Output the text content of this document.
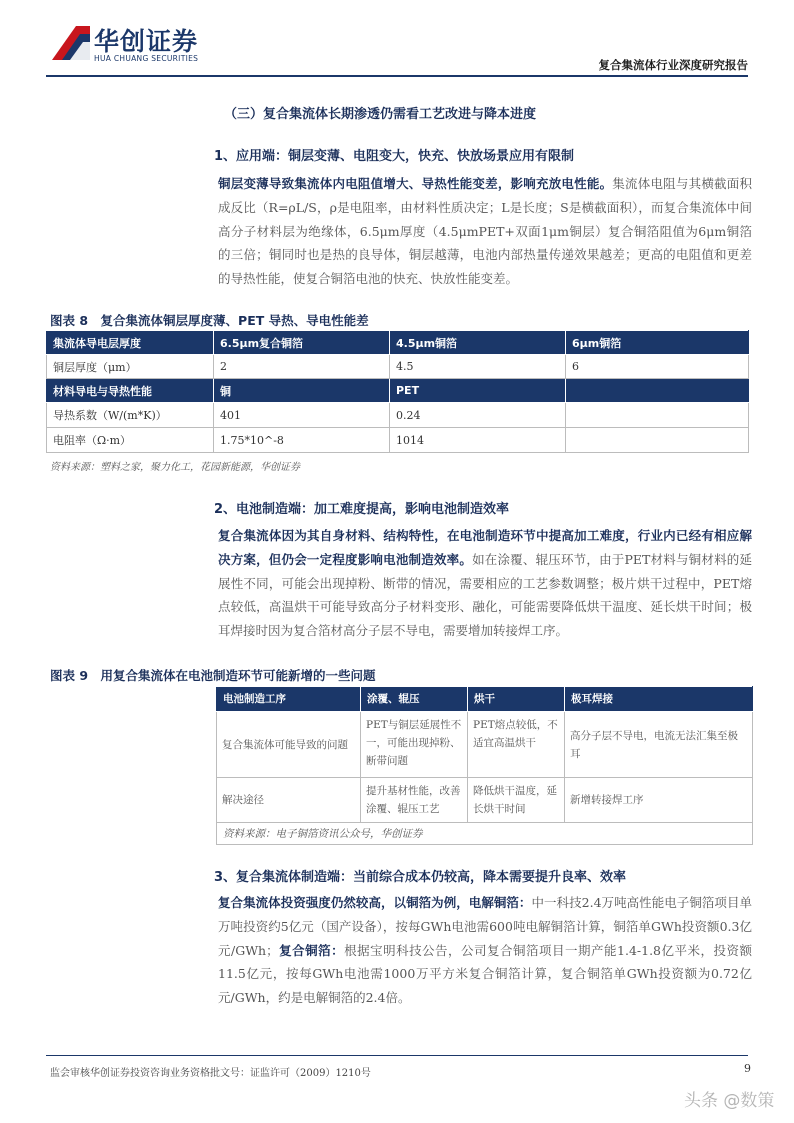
华创证券
HUA CHUANG SECURITIES	复合集流体行业深度研究报告
（三）复合集流体长期渗透仍需看工艺改进与降本进度
1、应用端：铜层变薄、电阻变大，快充、快放场景应用有限制
铜层变薄导致集流体内电阻值增大、导热性能变差，影响充放电性能。集流体电阻与其横截面积成反比（R=ρL/S，ρ是电阻率，由材料性质决定；L是长度；S是横截面积），而复合集流体中间高分子材料层为绝缘体，6.5μm厚度（4.5μmPET+双面1μm铜层）复合铜箔阻值为6μm铜箔的三倍；铜同时也是热的良导体，铜层越薄，电池内部热量传递效果越差；更高的电阻值和更差的导热性能，使复合铜箔电池的快充、快放性能变差。
图表 8　复合集流体铜层厚度薄、PET 导热、导电性能差
集流体导电层厚度	6.5μm复合铜箔	4.5μm铜箔	6μm铜箔
铜层厚度（μm）	2	4.5	6
材料导电与导热性能	铜	PET	
导热系数（W/(m*K)）	401	0.24	
电阻率（Ω·m）	1.75*10^-8	1014	
资料来源：塑料之家，聚力化工，花园新能源，华创证券
2、电池制造端：加工难度提高，影响电池制造效率
复合集流体因为其自身材料、结构特性，在电池制造环节中提高加工难度，行业内已经有相应解决方案，但仍会一定程度影响电池制造效率。如在涂覆、辊压环节，由于PET材料与铜材料的延展性不同，可能会出现掉粉、断带的情况，需要相应的工艺参数调整；极片烘干过程中，PET熔点较低，高温烘干可能导致高分子材料变形、融化，可能需要降低烘干温度、延长烘干时间；极耳焊接时因为复合箔材高分子层不导电，需要增加转接焊工序。
图表 9　用复合集流体在电池制造环节可能新增的一些问题
电池制造工序	涂覆、辊压	烘干	极耳焊接
复合集流体可能导致的问题	PET与铜层延展性不一，可能出现掉粉、断带问题	PET熔点较低，不适宜高温烘干	高分子层不导电，电流无法汇集至极耳
解决途径	提升基材性能，改善涂覆、辊压工艺	降低烘干温度，延长烘干时间	新增转接焊工序
资料来源：电子铜箔资讯公众号，华创证券			
3、复合集流体制造端：当前综合成本仍较高，降本需要提升良率、效率
复合集流体投资强度仍然较高，以铜箔为例，电解铜箔：中一科技2.4万吨高性能电子铜箔项目单万吨投资约5亿元（国产设备），按每GWh电池需600吨电解铜箔计算，铜箔单GWh投资额0.3亿元/GWh；复合铜箔：根据宝明科技公告，公司复合铜箔项目一期产能1.4-1.8亿平米，投资额11.5亿元，按每GWh电池需1000万平方米复合铜箔计算，复合铜箔单GWh投资额为0.72亿元/GWh，约是电解铜箔的2.4倍。
监会审核华创证券投资咨询业务资格批文号：证监许可（2009）1210号	9
头条 @数策
